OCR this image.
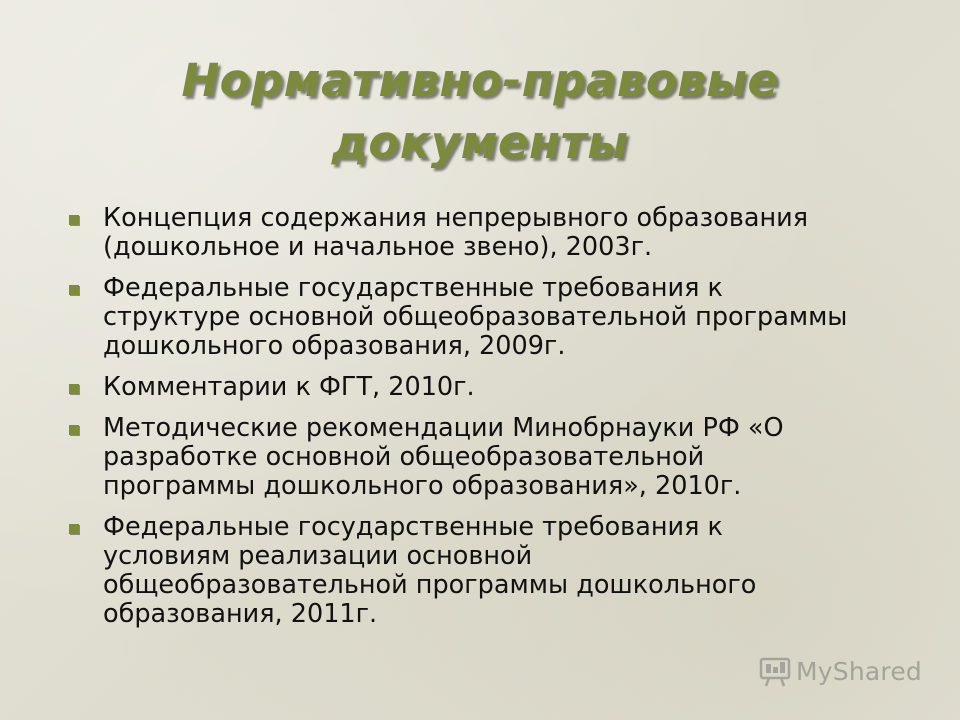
Нормативно-правовые
документы
Концепция содержания непрерывного образования
(дошкольное и начальное звено), 2003г.
Федеральные государственные требования к
структуре основной общеобразовательной программы
дошкольного образования, 2009г.
Комментарии к ФГТ, 2010г.
Методические рекомендации Минобрнауки РФ «О
разработке основной общеобразовательной
программы дошкольного образования», 2010г.
Федеральные государственные требования к
условиям реализации основной
общеобразовательной программы дошкольного
образования, 2011г.
MyShared
